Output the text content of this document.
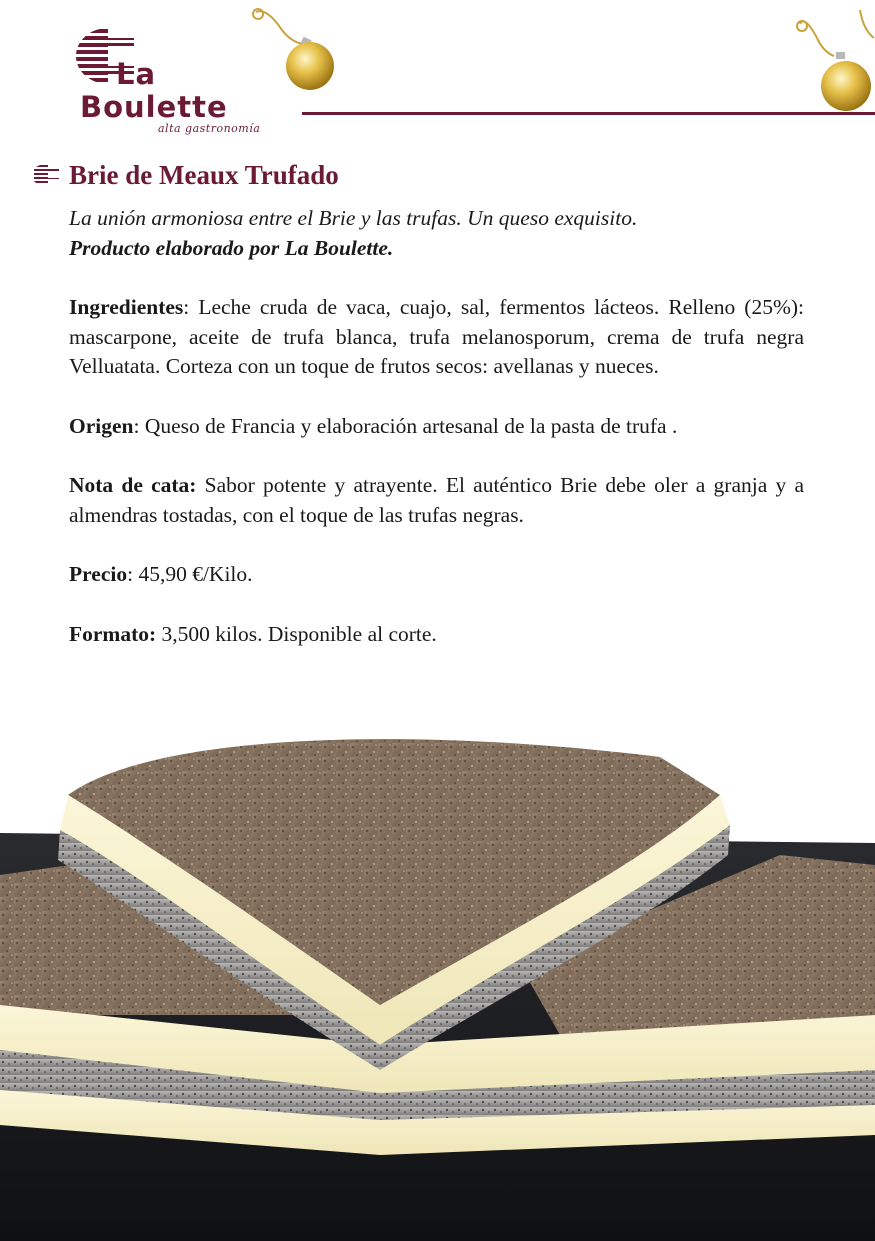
La
Boulette
alta gastronomía
Brie de Meaux Trufado

La unión armoniosa entre el Brie y las trufas. Un queso exquisito.
Producto elaborado por La Boulette.

Ingredientes: Leche cruda de vaca, cuajo, sal, fermentos lácteos. Relleno (25%): mascarpone, aceite de trufa blanca, trufa melanosporum, crema de trufa negra Velluatata. Corteza con un toque de frutos secos: avellanas y nueces.

Origen: Queso de Francia y elaboración artesanal de la pasta de trufa .

Nota de cata: Sabor potente y atrayente. El auténtico Brie debe oler a granja y a almendras tostadas, con el toque de las trufas negras.

Precio: 45,90 €/Kilo.

Formato: 3,500 kilos. Disponible al corte.
